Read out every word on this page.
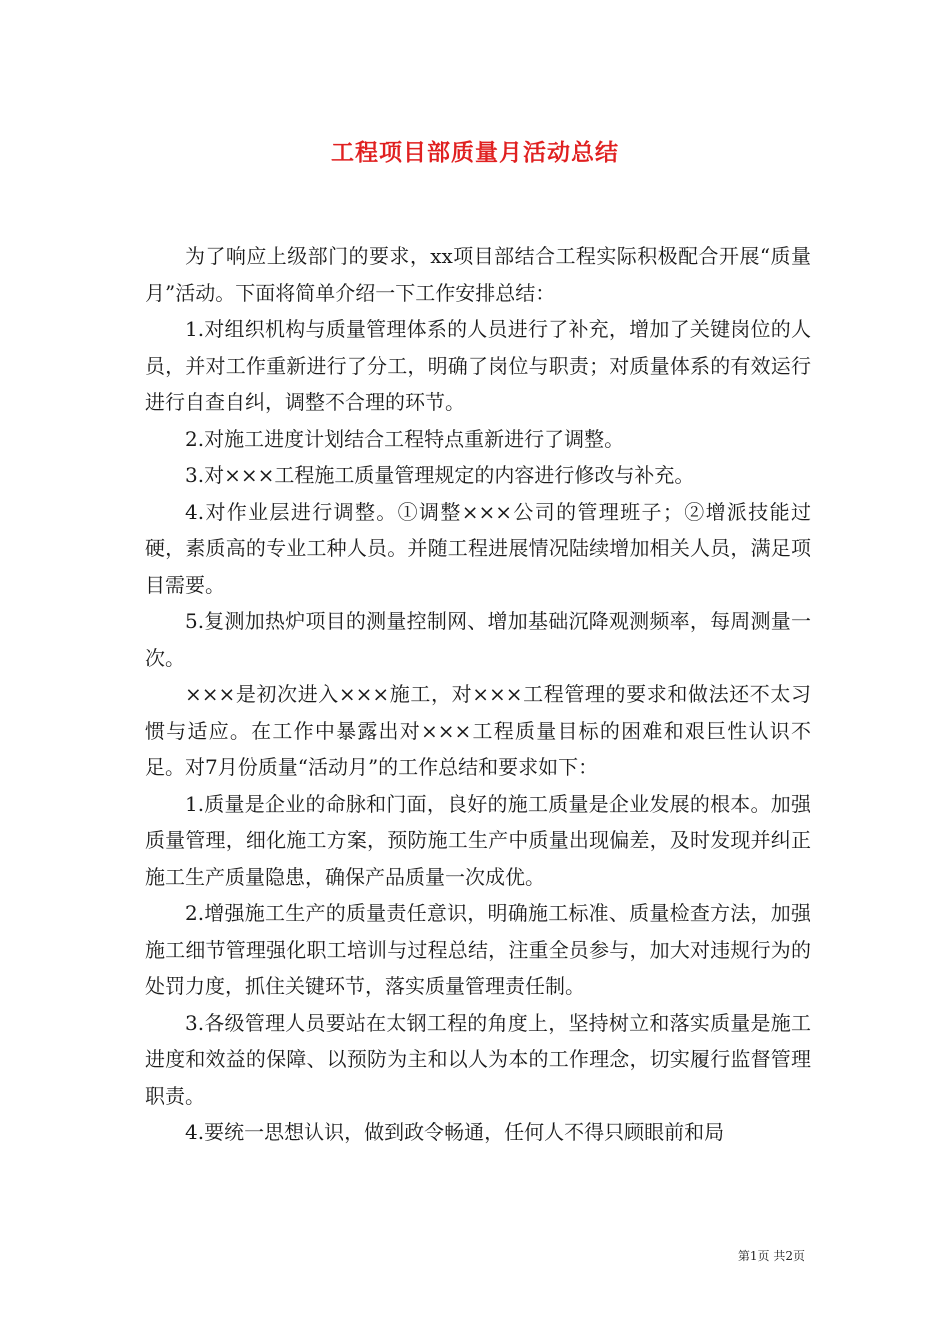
工程项目部质量月活动总结

为了响应上级部门的要求，xx项目部结合工程实际积极配合开展“质量月”活动。下面将简单介绍一下工作安排总结：

1.对组织机构与质量管理体系的人员进行了补充，增加了关键岗位的人员，并对工作重新进行了分工，明确了岗位与职责；对质量体系的有效运行进行自查自纠，调整不合理的环节。

2.对施工进度计划结合工程特点重新进行了调整。

3.对×××工程施工质量管理规定的内容进行修改与补充。

4.对作业层进行调整。①调整×××公司的管理班子；②增派技能过硬，素质高的专业工种人员。并随工程进展情况陆续增加相关人员，满足项目需要。

5.复测加热炉项目的测量控制网、增加基础沉降观测频率，每周测量一次。

×××是初次进入×××施工，对×××工程管理的要求和做法还不太习惯与适应。在工作中暴露出对×××工程质量目标的困难和艰巨性认识不足。对7月份质量“活动月”的工作总结和要求如下：

1.质量是企业的命脉和门面，良好的施工质量是企业发展的根本。加强质量管理，细化施工方案，预防施工生产中质量出现偏差，及时发现并纠正施工生产质量隐患，确保产品质量一次成优。

2.增强施工生产的质量责任意识，明确施工标准、质量检查方法，加强施工细节管理强化职工培训与过程总结，注重全员参与，加大对违规行为的处罚力度，抓住关键环节，落实质量管理责任制。

3.各级管理人员要站在太钢工程的角度上，坚持树立和落实质量是施工进度和效益的保障、以预防为主和以人为本的工作理念，切实履行监督管理职责。

4.要统一思想认识，做到政令畅通，任何人不得只顾眼前和局

第1页 共2页
